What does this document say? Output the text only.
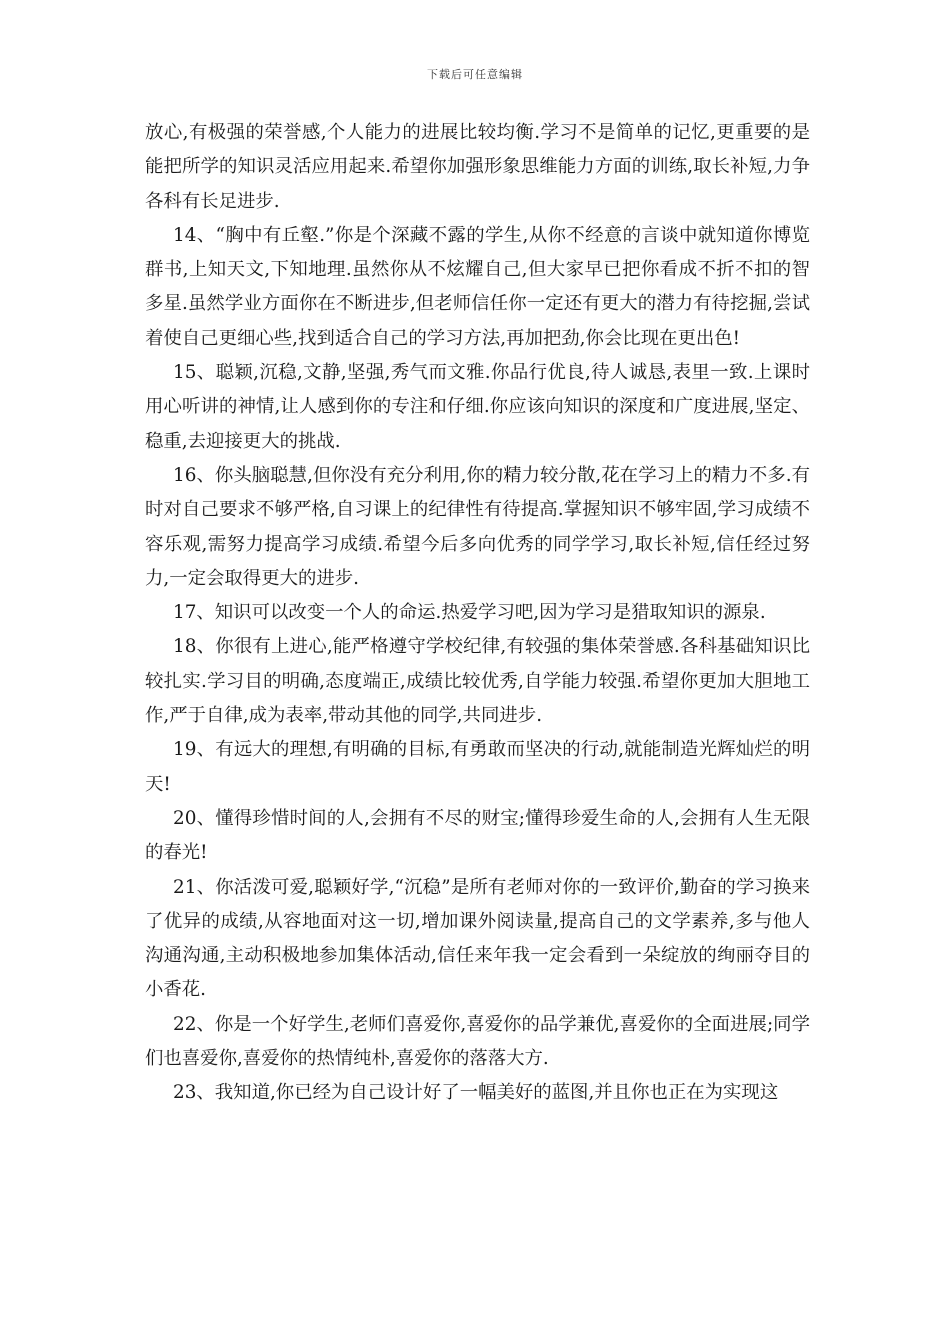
下载后可任意编辑

放心,有极强的荣誉感,个人能力的进展比较均衡.学习不是简单的记忆,更重要的是能把所学的知识灵活应用起来.希望你加强形象思维能力方面的训练,取长补短,力争各科有长足进步.

14、“胸中有丘壑.”你是个深藏不露的学生,从你不经意的言谈中就知道你博览群书,上知天文,下知地理.虽然你从不炫耀自己,但大家早已把你看成不折不扣的智多星.虽然学业方面你在不断进步,但老师信任你一定还有更大的潜力有待挖掘,尝试着使自己更细心些,找到适合自己的学习方法,再加把劲,你会比现在更出色!

15、聪颖,沉稳,文静,坚强,秀气而文雅.你品行优良,待人诚恳,表里一致.上课时用心听讲的神情,让人感到你的专注和仔细.你应该向知识的深度和广度进展,坚定、稳重,去迎接更大的挑战.

16、你头脑聪慧,但你没有充分利用,你的精力较分散,花在学习上的精力不多.有时对自己要求不够严格,自习课上的纪律性有待提高.掌握知识不够牢固,学习成绩不容乐观,需努力提高学习成绩.希望今后多向优秀的同学学习,取长补短,信任经过努力,一定会取得更大的进步.

17、知识可以改变一个人的命运.热爱学习吧,因为学习是猎取知识的源泉.

18、你很有上进心,能严格遵守学校纪律,有较强的集体荣誉感.各科基础知识比较扎实.学习目的明确,态度端正,成绩比较优秀,自学能力较强.希望你更加大胆地工作,严于自律,成为表率,带动其他的同学,共同进步.

19、有远大的理想,有明确的目标,有勇敢而坚决的行动,就能制造光辉灿烂的明天!

20、懂得珍惜时间的人,会拥有不尽的财宝;懂得珍爱生命的人,会拥有人生无限的春光!

21、你活泼可爱,聪颖好学,“沉稳”是所有老师对你的一致评价,勤奋的学习换来了优异的成绩,从容地面对这一切,增加课外阅读量,提高自己的文学素养,多与他人沟通沟通,主动积极地参加集体活动,信任来年我一定会看到一朵绽放的绚丽夺目的小香花.

22、你是一个好学生,老师们喜爱你,喜爱你的品学兼优,喜爱你的全面进展;同学们也喜爱你,喜爱你的热情纯朴,喜爱你的落落大方.

23、我知道,你已经为自己设计好了一幅美好的蓝图,并且你也正在为实现这
